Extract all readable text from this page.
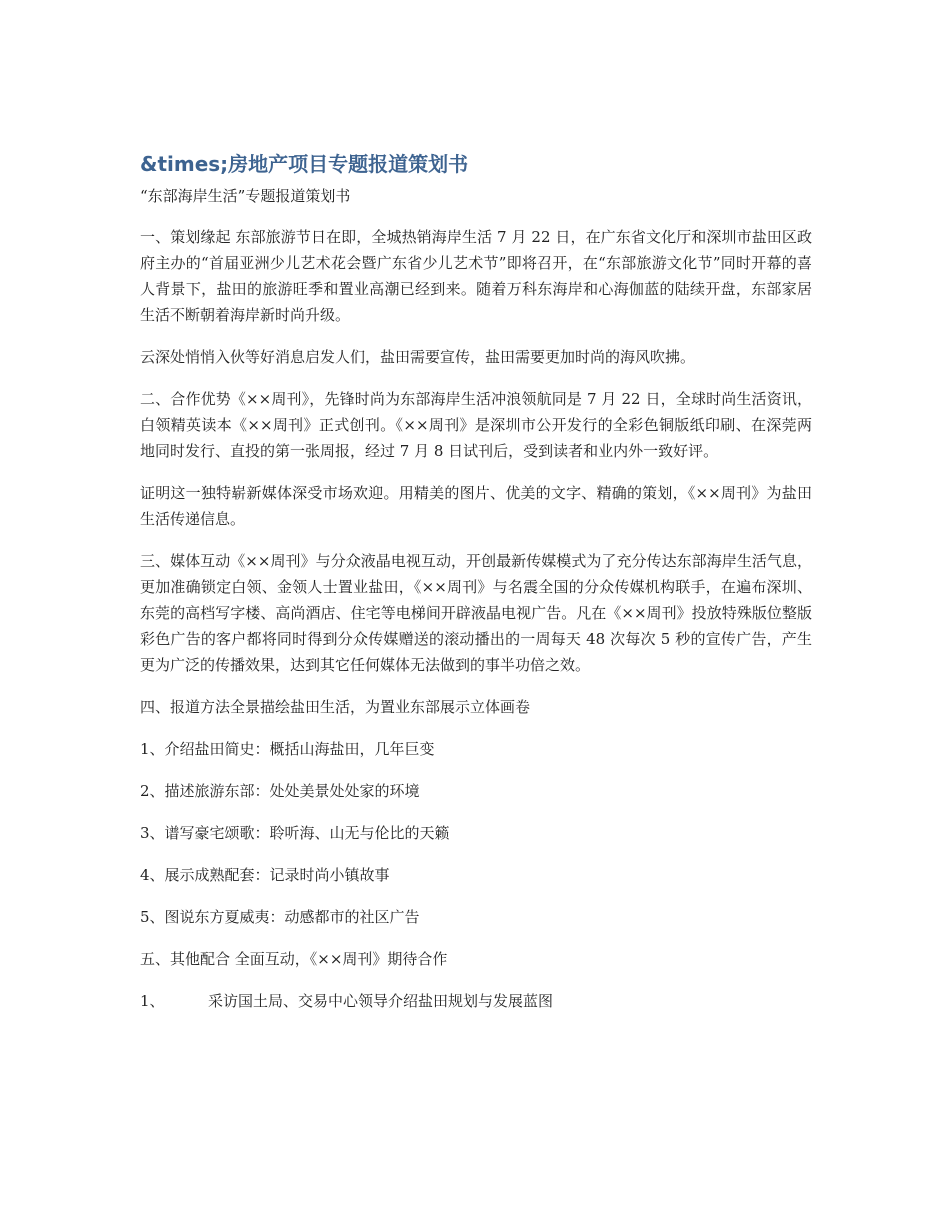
&times;房地产项目专题报道策划书
“东部海岸生活”专题报道策划书

一、策划缘起 东部旅游节日在即，全城热销海岸生活 7 月 22 日，在广东省文化厅和深圳市盐田区政府主办的“首届亚洲少儿艺术花会暨广东省少儿艺术节”即将召开，在“东部旅游文化节”同时开幕的喜人背景下，盐田的旅游旺季和置业高潮已经到来。随着万科东海岸和心海伽蓝的陆续开盘，东部家居生活不断朝着海岸新时尚升级。

云深处悄悄入伙等好消息启发人们，盐田需要宣传，盐田需要更加时尚的海风吹拂。

二、合作优势《××周刊》，先锋时尚为东部海岸生活冲浪领航同是 7 月 22 日，全球时尚生活资讯，白领精英读本《××周刊》正式创刊。《××周刊》是深圳市公开发行的全彩色铜版纸印刷、在深莞两地同时发行、直投的第一张周报，经过 7 月 8 日试刊后，受到读者和业内外一致好评。

证明这一独特崭新媒体深受市场欢迎。用精美的图片、优美的文字、精确的策划，《××周刊》为盐田生活传递信息。

三、媒体互动《××周刊》与分众液晶电视互动，开创最新传媒模式为了充分传达东部海岸生活气息，更加准确锁定白领、金领人士置业盐田，《××周刊》与名震全国的分众传媒机构联手，在遍布深圳、东莞的高档写字楼、高尚酒店、住宅等电梯间开辟液晶电视广告。凡在《××周刊》投放特殊版位整版彩色广告的客户都将同时得到分众传媒赠送的滚动播出的一周每天 48 次每次 5 秒的宣传广告，产生更为广泛的传播效果，达到其它任何媒体无法做到的事半功倍之效。

四、报道方法全景描绘盐田生活，为置业东部展示立体画卷

1、介绍盐田简史：概括山海盐田，几年巨变
2、描述旅游东部：处处美景处处家的环境
3、谱写豪宅颂歌：聆听海、山无与伦比的天籁
4、展示成熟配套：记录时尚小镇故事
5、图说东方夏威夷：动感都市的社区广告
五、其他配合 全面互动，《××周刊》期待合作
1、	采访国土局、交易中心领导介绍盐田规划与发展蓝图
